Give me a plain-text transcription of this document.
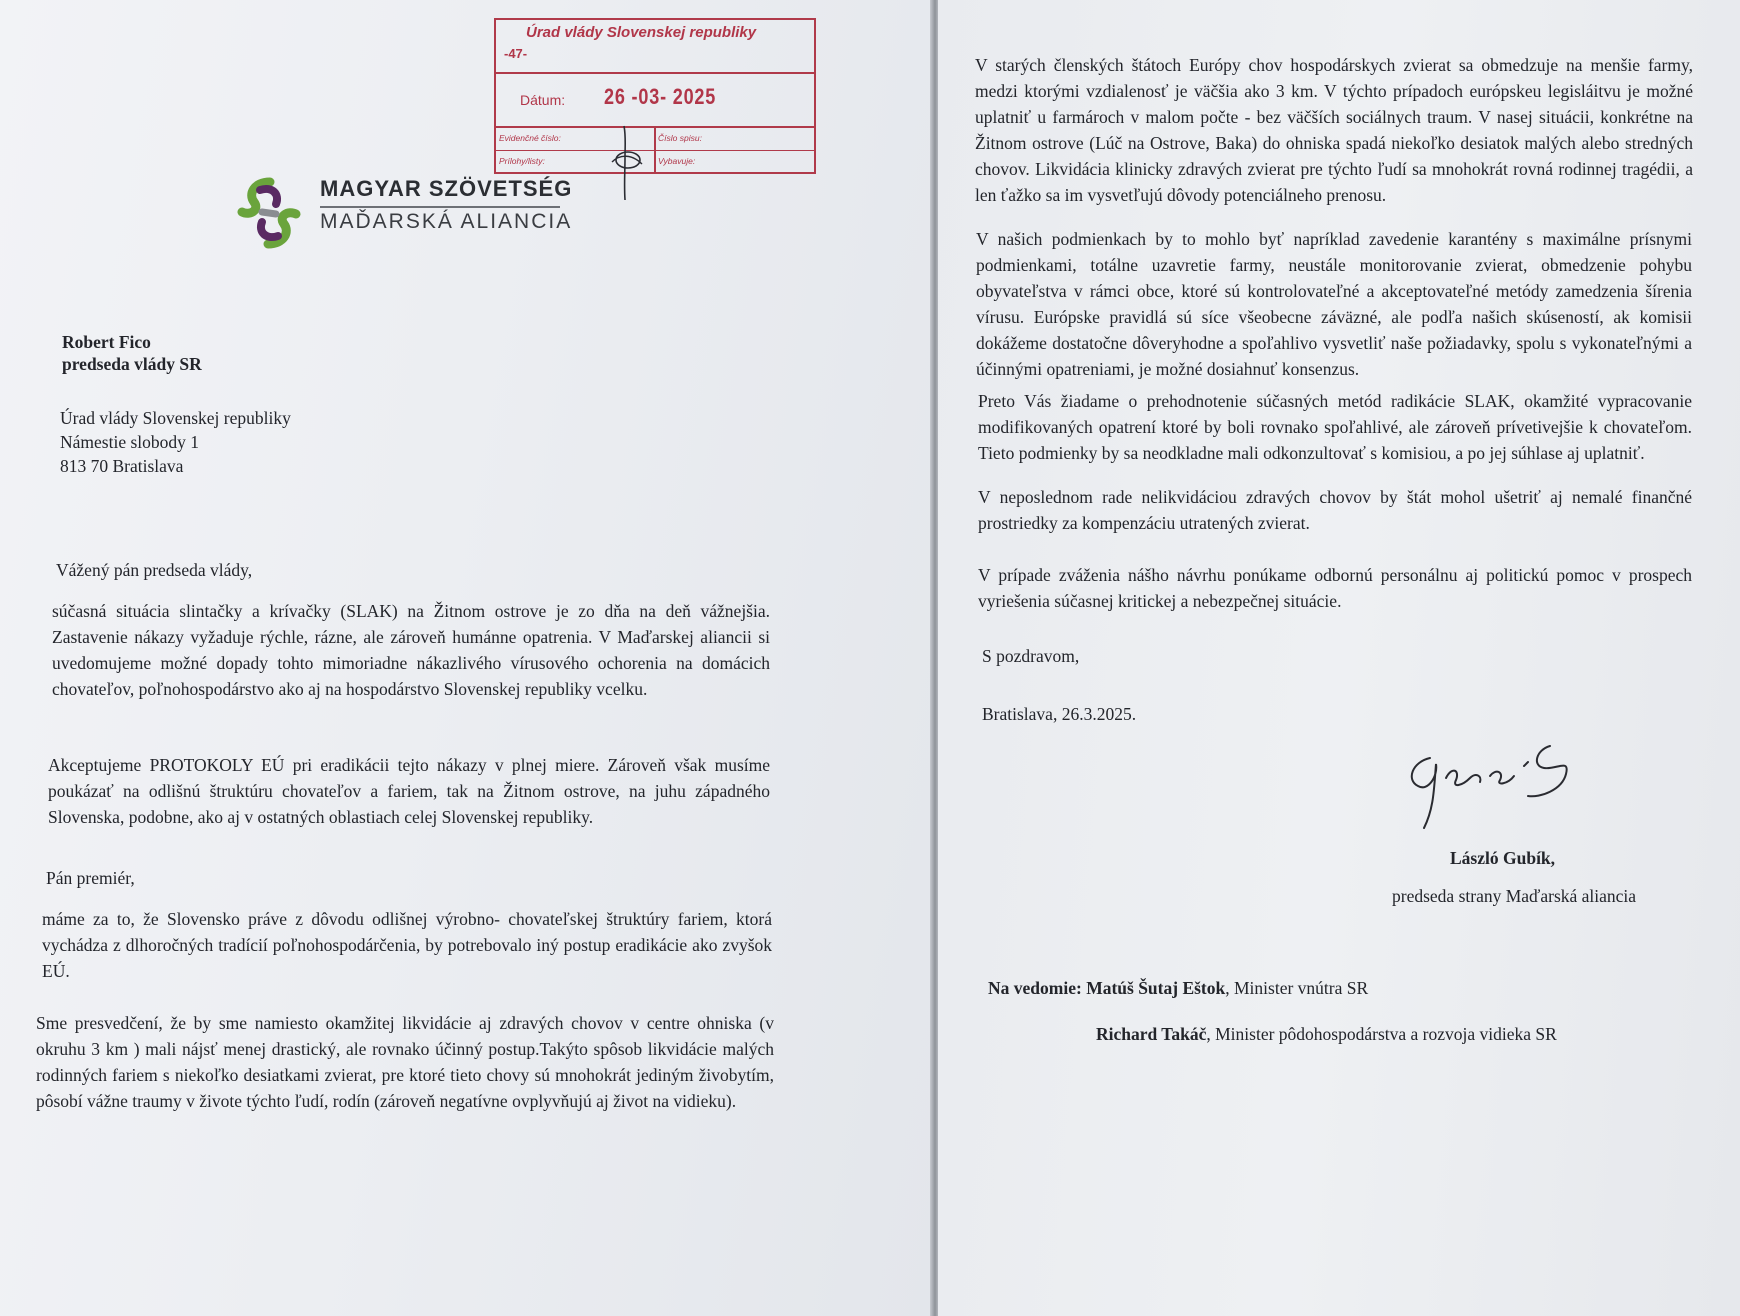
Úrad vlády Slovenskej republiky
-47-
Dátum: 26 -03- 2025
Evidenčné číslo:	Číslo spisu:
Prílohy/listy:	Vybavuje:
MAGYAR SZÖVETSÉG
MAĎARSKÁ ALIANCIA

Robert Fico

predseda vlády SR

Úrad vlády Slovenskej republiky

Námestie slobody 1

813 70 Bratislava

Vážený pán predseda vlády,

súčasná situácia slintačky a krívačky (SLAK) na Žitnom ostrove je zo dňa na deň vážnejšia. Zastavenie nákazy vyžaduje rýchle, rázne, ale zároveň humánne opatrenia. V Maďarskej aliancii si uvedomujeme možné dopady tohto mimoriadne nákazlivého vírusového ochorenia na domácich chovateľov, poľnohospodárstvo ako aj na hospodárstvo Slovenskej republiky vcelku.

Akceptujeme PROTOKOLY EÚ pri eradikácii tejto nákazy v plnej miere. Zároveň však musíme poukázať na odlišnú štruktúru chovateľov a fariem, tak na Žitnom ostrove, na juhu západného Slovenska, podobne, ako aj v ostatných oblastiach celej Slovenskej republiky.

Pán premiér,

máme za to, že Slovensko práve z dôvodu odlišnej výrobno- chovateľskej štruktúry fariem, ktorá vychádza z dlhoročných tradícií poľnohospodárčenia, by potrebovalo iný postup eradikácie ako zvyšok EÚ.

Sme presvedčení, že by sme namiesto okamžitej likvidácie aj zdravých chovov v centre ohniska (v okruhu 3 km ) mali nájsť menej drastický, ale rovnako účinný postup.Takýto spôsob likvidácie malých rodinných fariem s niekoľko desiatkami zvierat, pre ktoré tieto chovy sú mnohokrát jediným živobytím, pôsobí vážne traumy v živote týchto ľudí, rodín (zároveň negatívne ovplyvňujú aj život na vidieku).

V starých členských štátoch Európy chov hospodárskych zvierat sa obmedzuje na menšie farmy, medzi ktorými vzdialenosť je väčšia ako 3 km. V týchto prípadoch európskeu legisláitvu je možné uplatniť u farmároch v malom počte - bez väčších sociálnych traum. V nasej situácii, konkrétne na Žitnom ostrove (Lúč na Ostrove, Baka) do ohniska spadá niekoľko desiatok malých alebo stredných chovov. Likvidácia klinicky zdravých zvierat pre týchto ľudí sa mnohokrát rovná rodinnej tragédii, a len ťažko sa im vysvetľujú dôvody potenciálneho prenosu.

V našich podmienkach by to mohlo byť napríklad zavedenie karantény s maximálne prísnymi podmienkami, totálne uzavretie farmy, neustále monitorovanie zvierat, obmedzenie pohybu obyvateľstva v rámci obce, ktoré sú kontrolovateľné a akceptovateľné metódy zamedzenia šírenia vírusu. Európske pravidlá sú síce všeobecne záväzné, ale podľa našich skúseností, ak komisii dokážeme dostatočne dôveryhodne a spoľahlivo vysvetliť naše požiadavky, spolu s vykonateľnými a účinnými opatreniami, je možné dosiahnuť konsenzus.

Preto Vás žiadame o prehodnotenie súčasných metód radikácie SLAK, okamžité vypracovanie modifikovaných opatrení ktoré by boli rovnako spoľahlivé, ale zároveň prívetivejšie k chovateľom. Tieto podmienky by sa neodkladne mali odkonzultovať s komisiou, a po jej súhlase aj uplatniť.

V neposlednom rade nelikvidáciou zdravých chovov by štát mohol ušetriť aj nemalé finančné prostriedky za kompenzáciu utratených zvierat.

V prípade zváženia nášho návrhu ponúkame odbornú personálnu aj politickú pomoc v prospech vyriešenia súčasnej kritickej a nebezpečnej situácie.

S pozdravom,

Bratislava, 26.3.2025.

László Gubík,

predseda strany Maďarská aliancia

Na vedomie: Matúš Šutaj Eštok, Minister vnútra SR

Richard Takáč, Minister pôdohospodárstva a rozvoja vidieka SR
